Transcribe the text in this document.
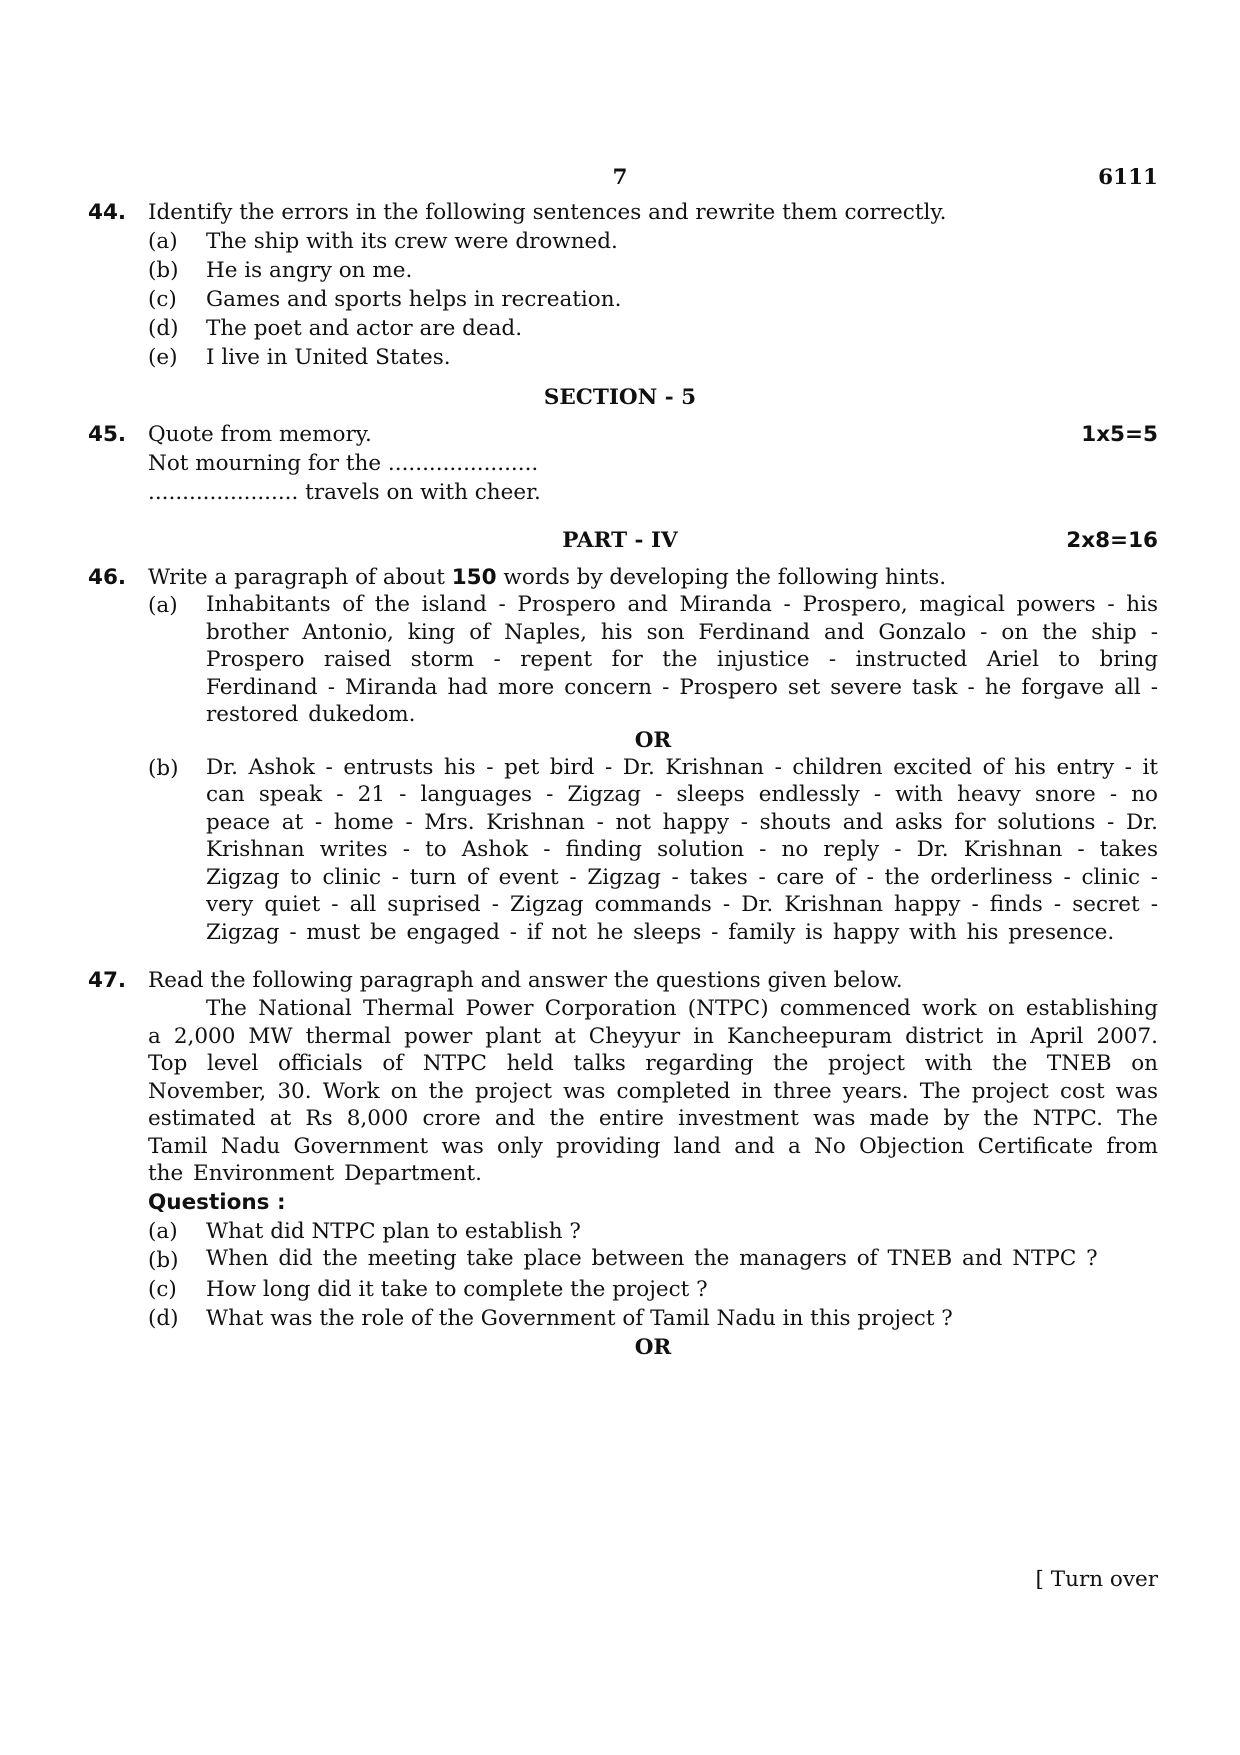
7	6111
44. Identify the errors in the following sentences and rewrite them correctly.
(a)	The ship with its crew were drowned.
(b)	He is angry on me.
(c)	Games and sports helps in recreation.
(d)	The poet and actor are dead.
(e)	I live in United States.
SECTION - 5
45.	1x5=5
Quote from memory.
Not mourning for the ......................
...................... travels on with cheer.
PART - IV	2x8=16
46. Write a paragraph of about 150 words by developing the following hints.
(a)	Inhabitants of the island - Prospero and Miranda - Prospero, magical powers - his brother Antonio, king of Naples, his son Ferdinand and Gonzalo - on the ship - Prospero raised storm - repent for the injustice - instructed Ariel to bring Ferdinand - Miranda had more concern - Prospero set severe task - he forgave all - restored dukedom.
OR
(b)	Dr. Ashok - entrusts his - pet bird - Dr. Krishnan - children excited of his entry - it can speak - 21 - languages - Zigzag - sleeps endlessly - with heavy snore - no peace at - home - Mrs. Krishnan - not happy - shouts and asks for solutions - Dr. Krishnan writes - to Ashok - finding solution - no reply - Dr. Krishnan - takes Zigzag to clinic - turn of event - Zigzag - takes - care of - the orderliness - clinic - very quiet - all suprised - Zigzag commands - Dr. Krishnan happy - finds - secret - Zigzag - must be engaged - if not he sleeps - family is happy with his presence.
47. Read the following paragraph and answer the questions given below.
The National Thermal Power Corporation (NTPC) commenced work on establishing a 2,000 MW thermal power plant at Cheyyur in Kancheepuram district in April 2007. Top level officials of NTPC held talks regarding the project with the TNEB on November, 30. Work on the project was completed in three years. The project cost was estimated at Rs 8,000 crore and the entire investment was made by the NTPC. The Tamil Nadu Government was only providing land and a No Objection Certificate from the Environment Department.
Questions :
(a)	What did NTPC plan to establish ?
(b)	When did the meeting take place between the managers of TNEB and NTPC ?
(c)	How long did it take to complete the project ?
(d)	What was the role of the Government of Tamil Nadu in this project ?
OR
[ Turn over
